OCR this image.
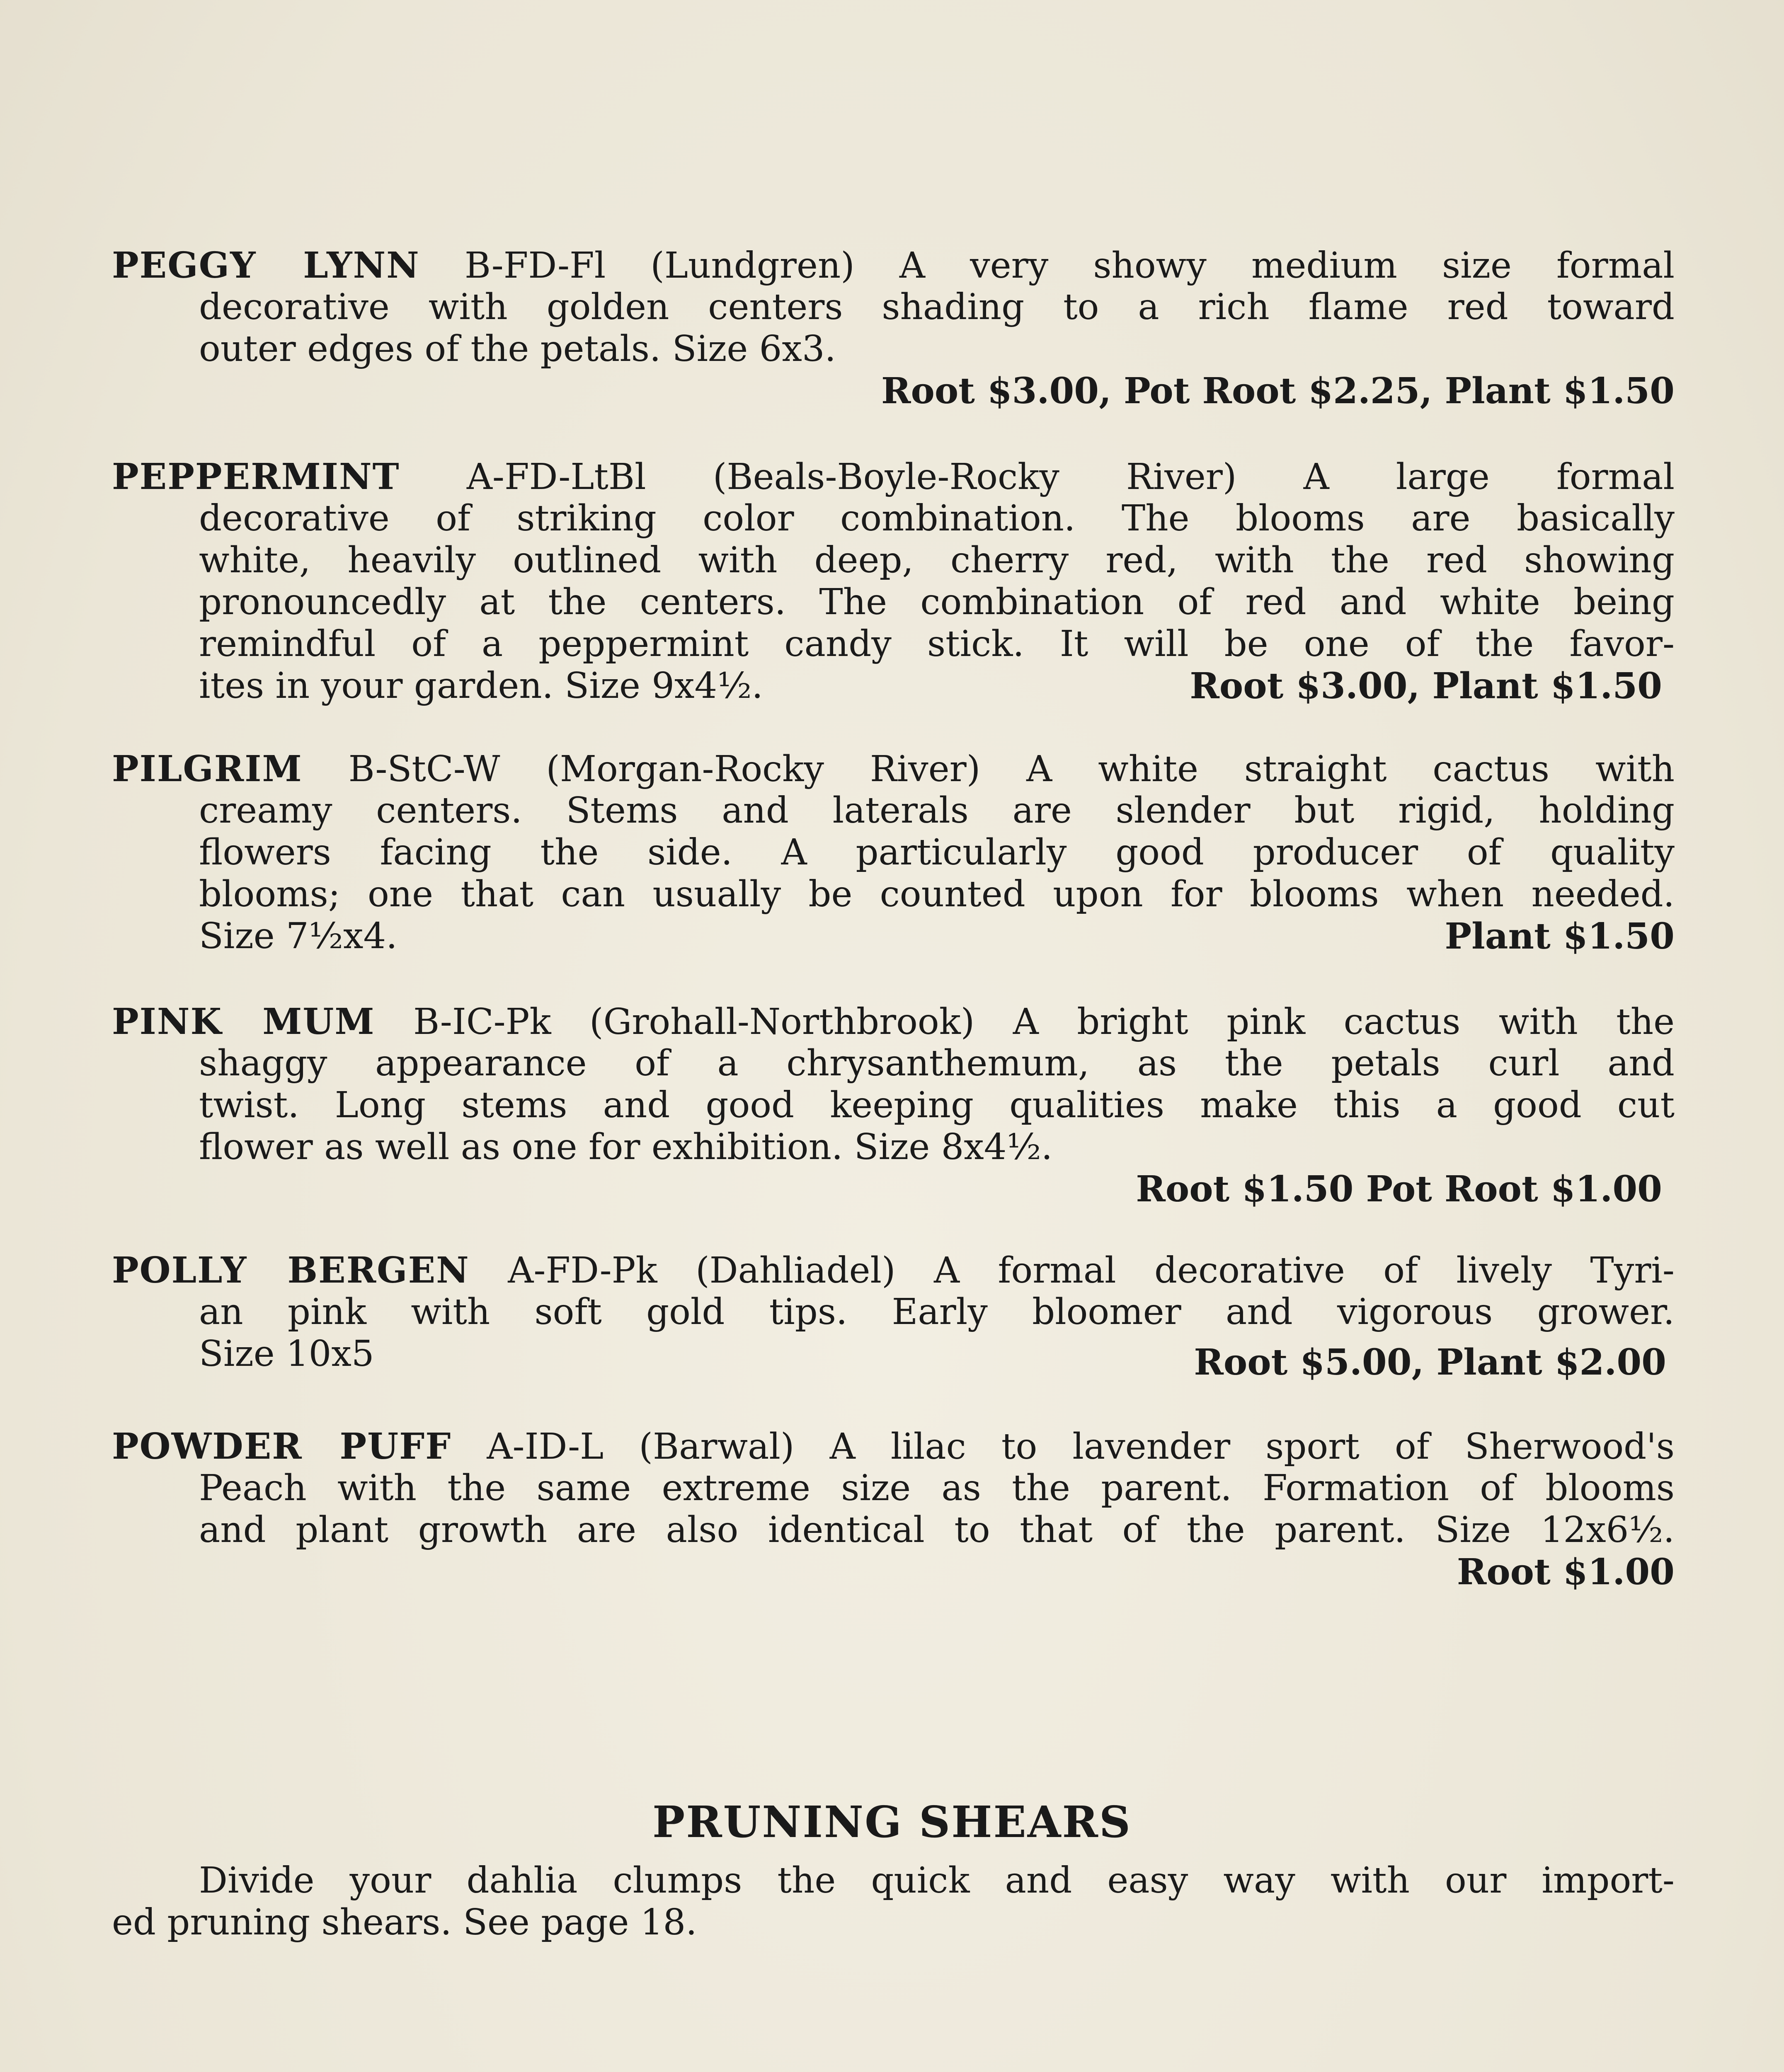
PEGGY LYNN B-FD-Fl (Lundgren) A very showy medium size formal
decorative with golden centers shading to a rich flame red toward
outer edges of the petals. Size 6x3.
Root $3.00, Pot Root $2.25, Plant $1.50
PEPPERMINT A-FD-LtBl (Beals-Boyle-Rocky River) A large formal
decorative of striking color combination. The blooms are basically
white, heavily outlined with deep, cherry red, with the red showing
pronouncedly at the centers. The combination of red and white being
remindful of a peppermint candy stick. It will be one of the favor-
ites in your garden. Size 9x4½.	Root $3.00, Plant $1.50
PILGRIM B-StC-W (Morgan-Rocky River) A white straight cactus with
creamy centers. Stems and laterals are slender but rigid, holding
flowers facing the side. A particularly good producer of quality
blooms; one that can usually be counted upon for blooms when needed.
Size 7½x4.	Plant $1.50
PINK MUM B-IC-Pk (Grohall-Northbrook) A bright pink cactus with the
shaggy appearance of a chrysanthemum, as the petals curl and
twist. Long stems and good keeping qualities make this a good cut
flower as well as one for exhibition. Size 8x4½.
Root $1.50 Pot Root $1.00
POLLY BERGEN A-FD-Pk (Dahliadel) A formal decorative of lively Tyri-
an pink with soft gold tips. Early bloomer and vigorous grower.
Size 10x5	Root $5.00, Plant $2.00
POWDER PUFF A-ID-L (Barwal) A lilac to lavender sport of Sherwood's
Peach with the same extreme size as the parent. Formation of blooms
and plant growth are also identical to that of the parent. Size 12x6½.
Root $1.00
PRUNING SHEARS
Divide your dahlia clumps the quick and easy way with our import-
ed pruning shears. See page 18.
